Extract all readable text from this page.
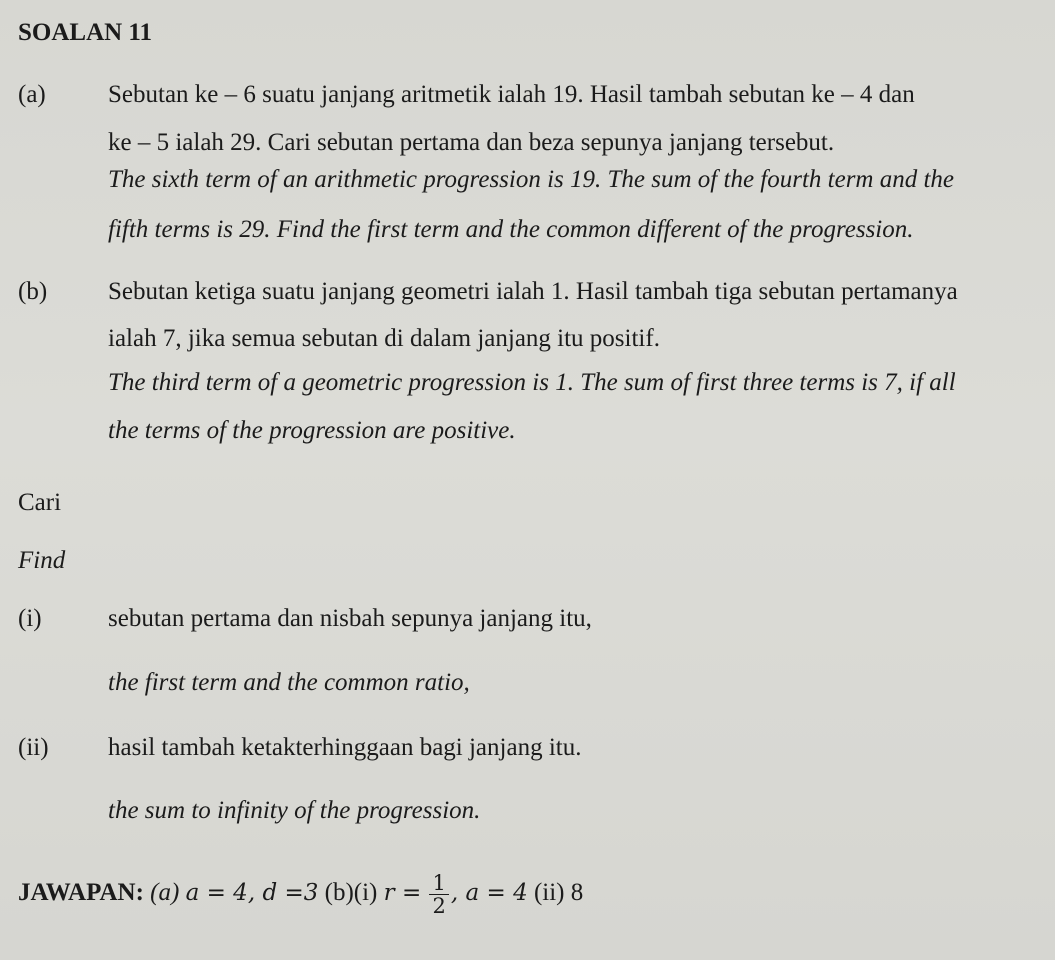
SOALAN 11
(a) Sebutan ke – 6 suatu janjang aritmetik ialah 19. Hasil tambah sebutan ke – 4 dan
ke – 5 ialah 29. Cari sebutan pertama dan beza sepunya janjang tersebut.
The sixth term of an arithmetic progression is 19. The sum of the fourth term and the
fifth terms is 29. Find the first term and the common different of the progression.
(b) Sebutan ketiga suatu janjang geometri ialah 1. Hasil tambah tiga sebutan pertamanya
ialah 7, jika semua sebutan di dalam janjang itu positif.
The third term of a geometric progression is 1. The sum of first three terms is 7, if all
the terms of the progression are positive.
Cari
Find
(i)	sebutan pertama dan nisbah sepunya janjang itu,
the first term and the common ratio,
(ii) hasil tambah ketakterhinggaan bagi janjang itu.
the sum to infinity of the progression.
JAWAPAN: (a) a = 4, d =3 (b)(i) $r = \frac{1}{2}$ , a = 4 (ii) 8
